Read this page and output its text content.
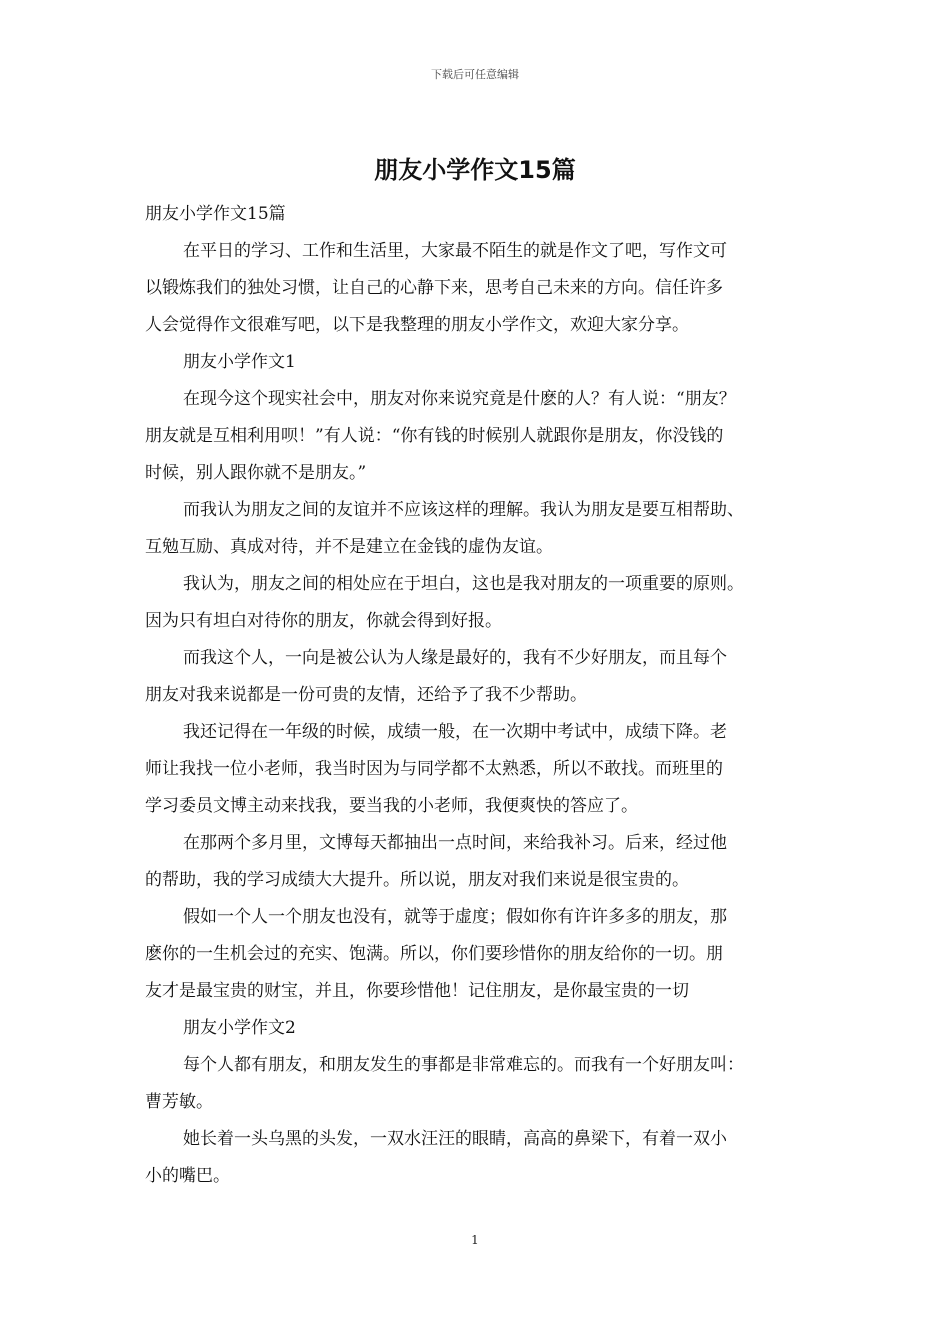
下载后可任意编辑
朋友小学作文15篇

朋友小学作文15篇

在平日的学习、工作和生活里，大家最不陌生的就是作文了吧，写作文可

以锻炼我们的独处习惯，让自己的心静下来，思考自己未来的方向。信任许多

人会觉得作文很难写吧，以下是我整理的朋友小学作文，欢迎大家分享。

朋友小学作文1

在现今这个现实社会中，朋友对你来说究竟是什麽的人？有人说：“朋友？

朋友就是互相利用呗！”有人说：“你有钱的时候别人就跟你是朋友，你没钱的

时候，别人跟你就不是朋友。”

而我认为朋友之间的友谊并不应该这样的理解。我认为朋友是要互相帮助、

互勉互励、真成对待，并不是建立在金钱的虚伪友谊。

我认为，朋友之间的相处应在于坦白，这也是我对朋友的一项重要的原则。

因为只有坦白对待你的朋友，你就会得到好报。

而我这个人，一向是被公认为人缘是最好的，我有不少好朋友，而且每个

朋友对我来说都是一份可贵的友情，还给予了我不少帮助。

我还记得在一年级的时候，成绩一般，在一次期中考试中，成绩下降。老

师让我找一位小老师，我当时因为与同学都不太熟悉，所以不敢找。而班里的

学习委员文博主动来找我，要当我的小老师，我便爽快的答应了。

在那两个多月里，文博每天都抽出一点时间，来给我补习。后来，经过他

的帮助，我的学习成绩大大提升。所以说，朋友对我们来说是很宝贵的。

假如一个人一个朋友也没有，就等于虚度；假如你有许许多多的朋友，那

麽你的一生机会过的充实、饱满。所以，你们要珍惜你的朋友给你的一切。朋

友才是最宝贵的财宝，并且，你要珍惜他！记住朋友，是你最宝贵的一切

朋友小学作文2

每个人都有朋友，和朋友发生的事都是非常难忘的。而我有一个好朋友叫：

曹芳敏。

她长着一头乌黑的头发，一双水汪汪的眼睛，高高的鼻梁下，有着一双小

小的嘴巴。

1
